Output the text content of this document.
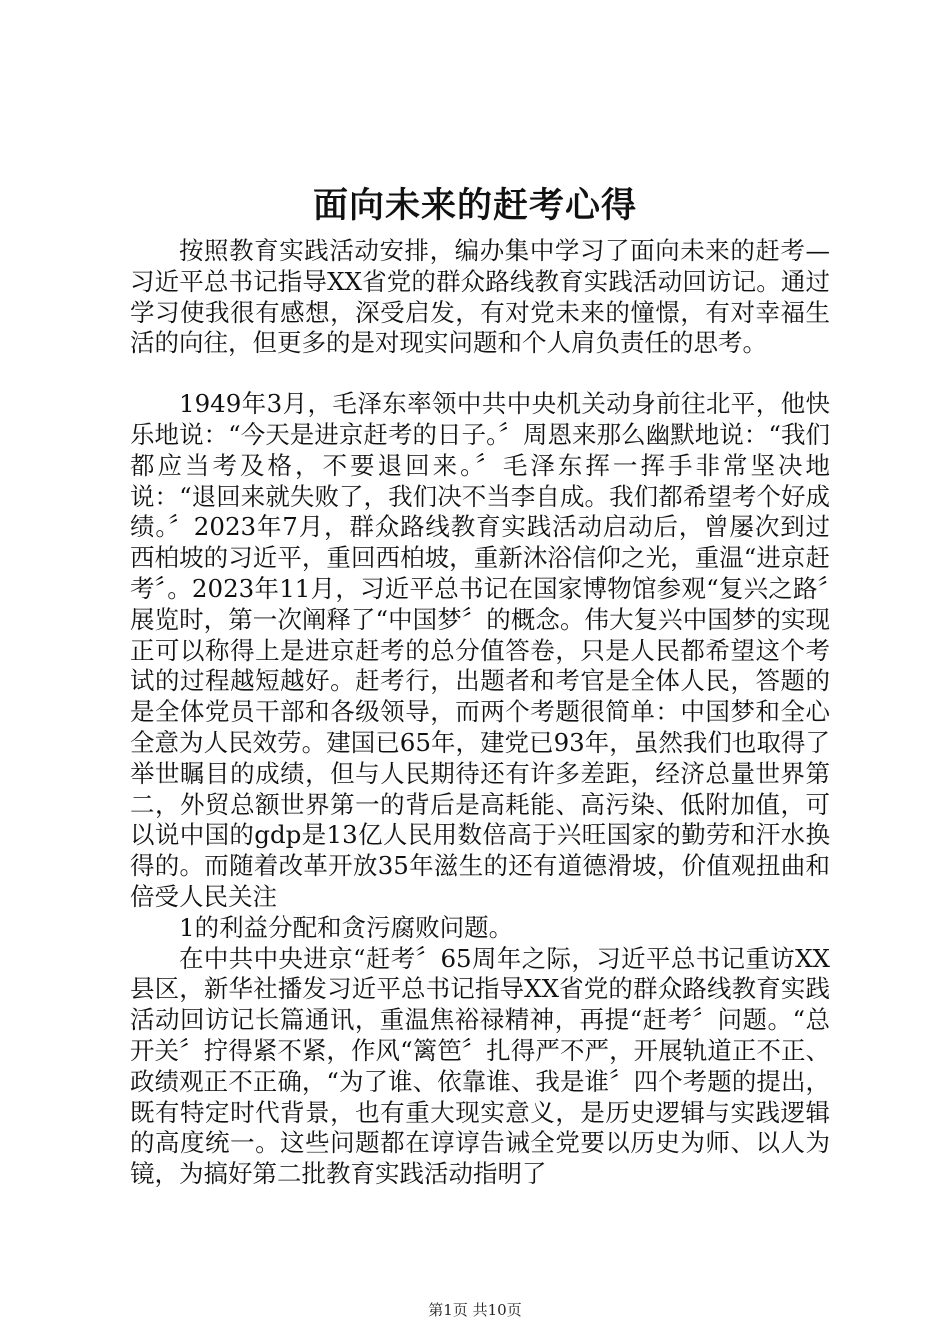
面向未来的赶考心得

按照教育实践活动安排，编办集中学习了面向未来的赶考—习近平总书记指导XX省党的群众路线教育实践活动回访记。通过学习使我很有感想，深受启发，有对党未来的憧憬，有对幸福生活的向往，但更多的是对现实问题和个人肩负责任的思考。

1949年3月，毛泽东率领中共中央机关动身前往北平，他快乐地说：“今天是进京赶考的日子。〞周恩来那么幽默地说：“我们都应当考及格，不要退回来。〞毛泽东挥一挥手非常坚决地说：“退回来就失败了，我们决不当李自成。我们都希望考个好成绩。〞2023年7月，群众路线教育实践活动启动后，曾屡次到过西柏坡的习近平，重回西柏坡，重新沐浴信仰之光，重温“进京赶考〞。2023年11月，习近平总书记在国家博物馆参观“复兴之路〞展览时，第一次阐释了“中国梦〞的概念。伟大复兴中国梦的实现正可以称得上是进京赶考的总分值答卷，只是人民都希望这个考试的过程越短越好。赶考行，出题者和考官是全体人民，答题的是全体党员干部和各级领导，而两个考题很简单：中国梦和全心全意为人民效劳。建国已65年，建党已93年，虽然我们也取得了举世瞩目的成绩，但与人民期待还有许多差距，经济总量世界第二，外贸总额世界第一的背后是高耗能、高污染、低附加值，可以说中国的gdp是13亿人民用数倍高于兴旺国家的勤劳和汗水换得的。而随着改革开放35年滋生的还有道德滑坡，价值观扭曲和倍受人民关注

1的利益分配和贪污腐败问题。

在中共中央进京“赶考〞65周年之际，习近平总书记重访XX县区，新华社播发习近平总书记指导XX省党的群众路线教育实践活动回访记长篇通讯，重温焦裕禄精神，再提“赶考〞问题。“总开关〞拧得紧不紧，作风“篱笆〞扎得严不严，开展轨道正不正、政绩观正不正确，“为了谁、依靠谁、我是谁〞四个考题的提出，既有特定时代背景，也有重大现实意义，是历史逻辑与实践逻辑的高度统一。这些问题都在谆谆告诫全党要以历史为师、以人为镜，为搞好第二批教育实践活动指明了

第1页 共10页
